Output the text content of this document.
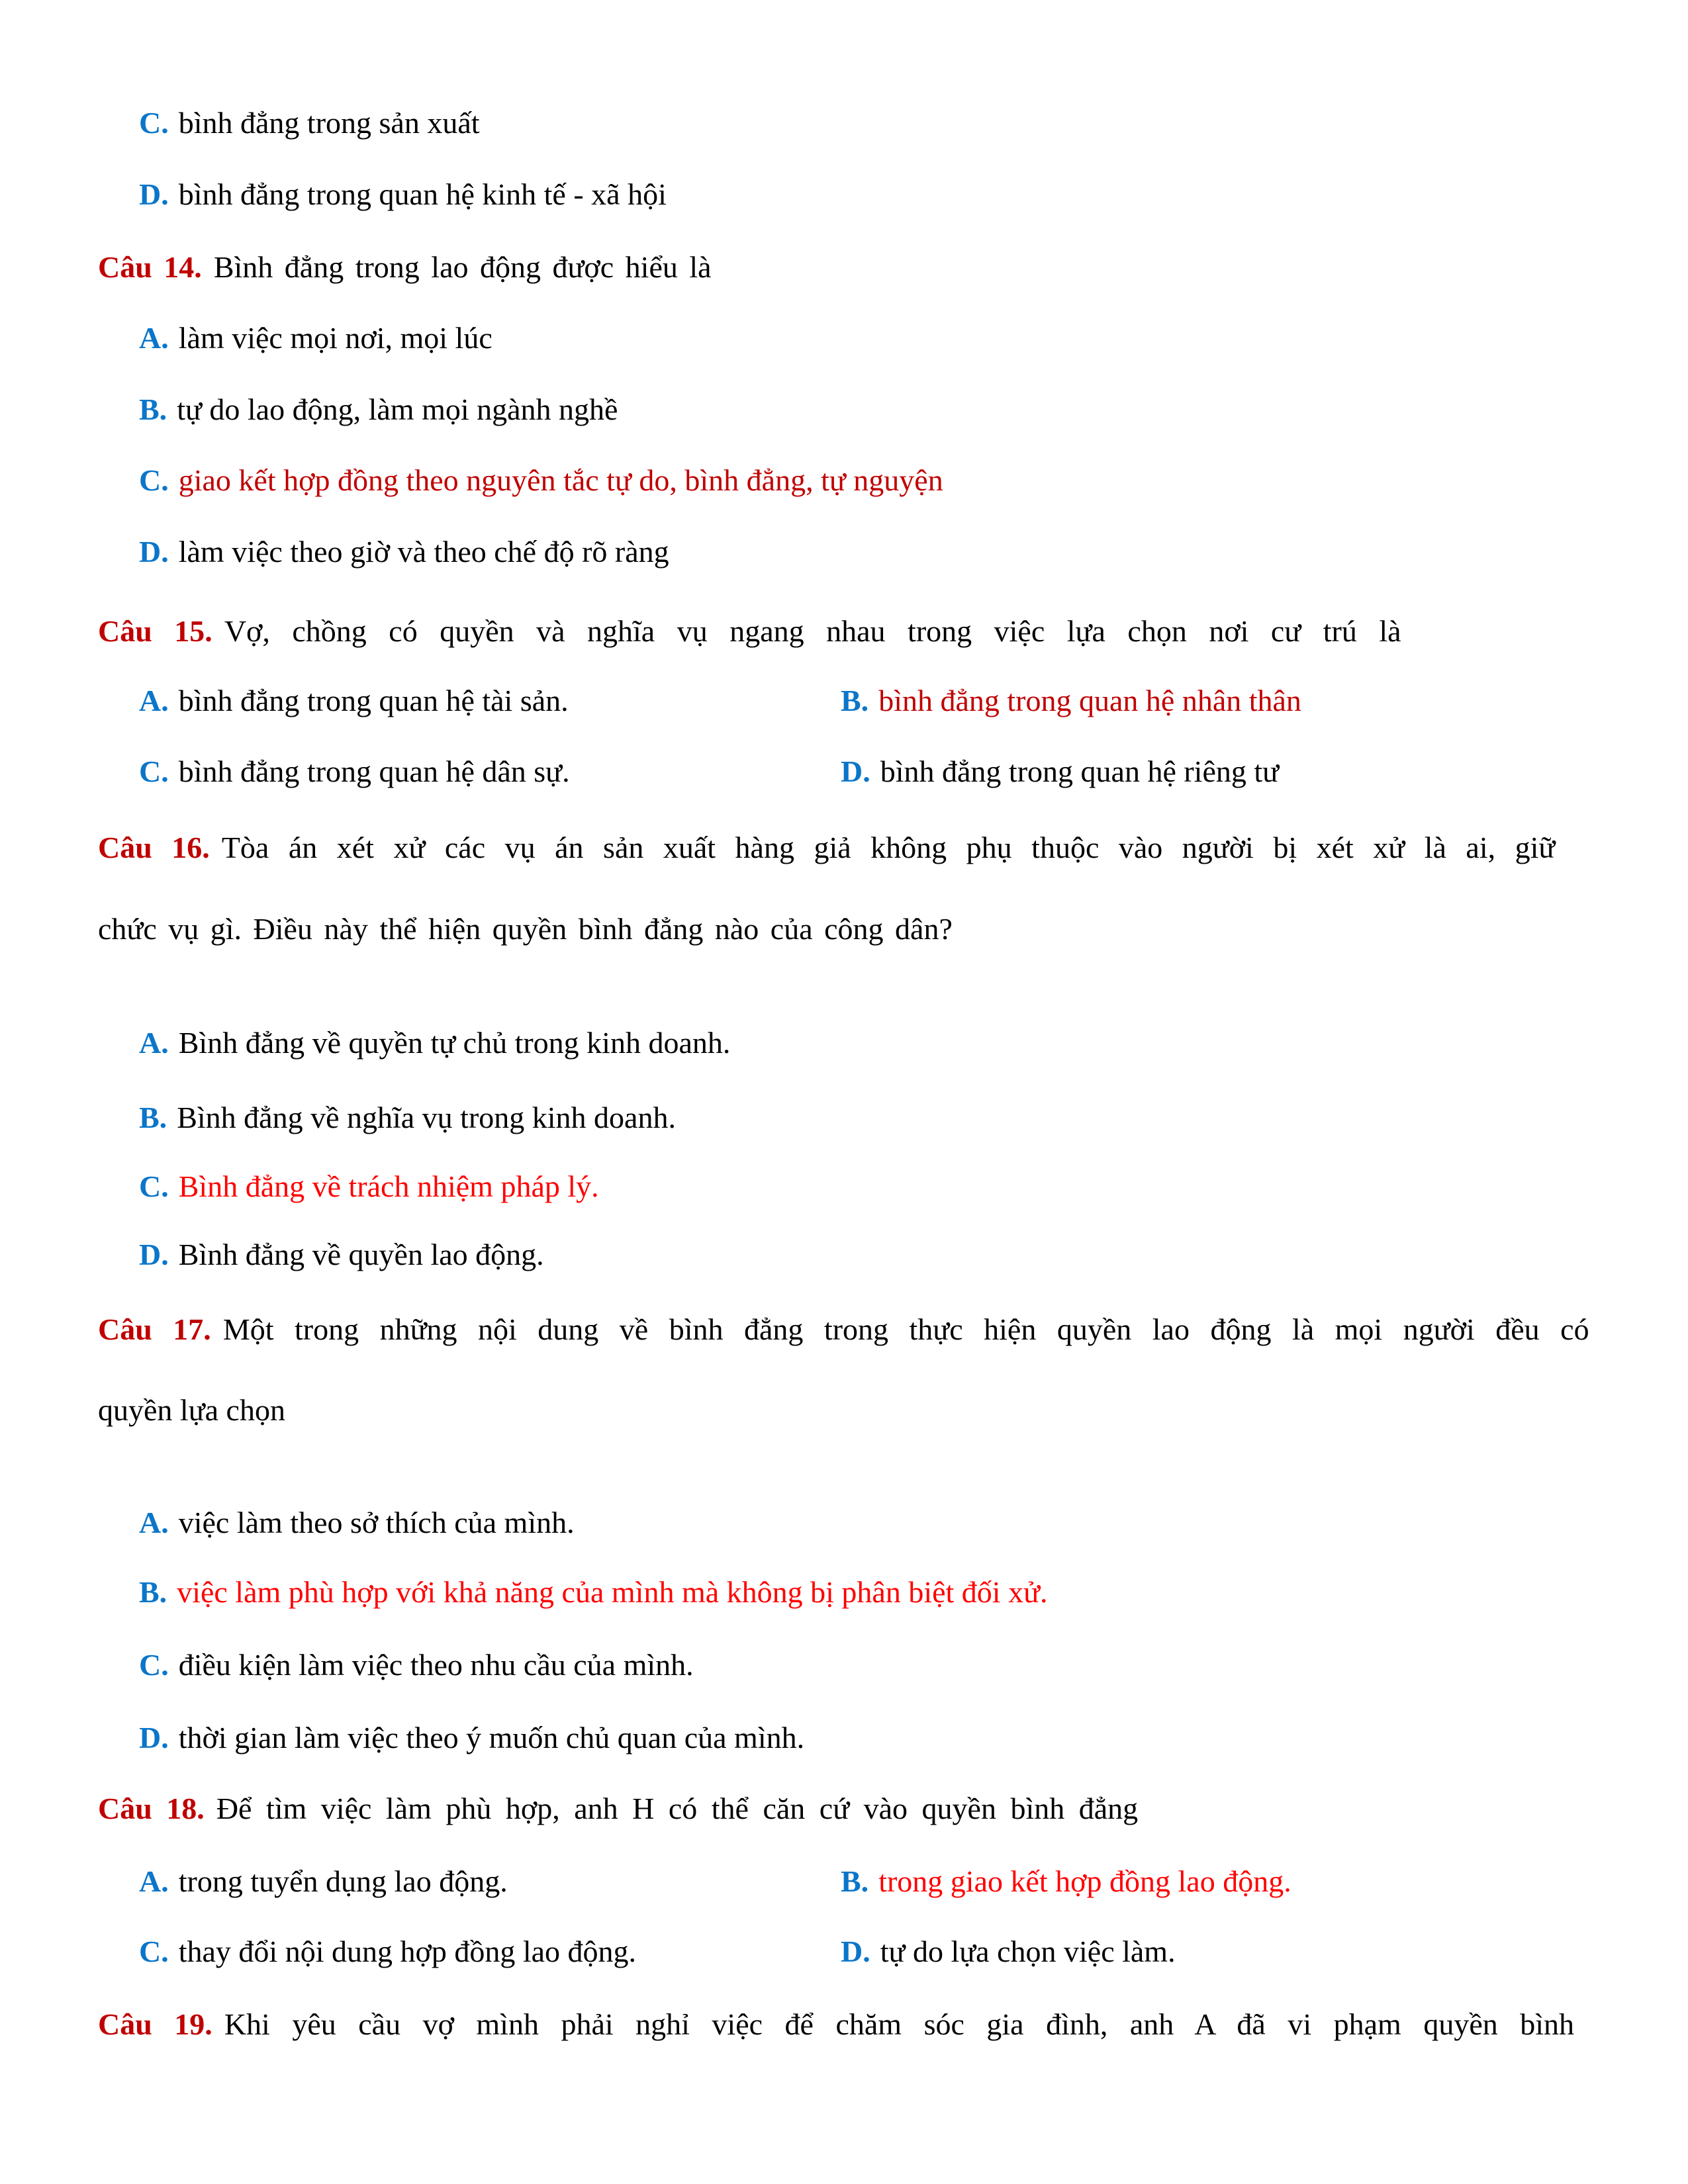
C. bình đẳng trong sản xuất
D. bình đẳng trong quan hệ kinh tế - xã hội
Câu 14. Bình đẳng trong lao động được hiểu là
A. làm việc mọi nơi, mọi lúc
B. tự do lao động, làm mọi ngành nghề
C. giao kết hợp đồng theo nguyên tắc tự do, bình đẳng, tự nguyện
D. làm việc theo giờ và theo chế độ rõ ràng
Câu 15. Vợ, chồng có quyền và nghĩa vụ ngang nhau trong việc lựa chọn nơi cư trú là
A. bình đẳng trong quan hệ tài sản.	B. bình đẳng trong quan hệ nhân thân
C. bình đẳng trong quan hệ dân sự.	D. bình đẳng trong quan hệ riêng tư
Câu 16. Tòa án xét xử các vụ án sản xuất hàng giả không phụ thuộc vào người bị xét xử là ai, giữ
chức vụ gì. Điều này thể hiện quyền bình đẳng nào của công dân?
A. Bình đẳng về quyền tự chủ trong kinh doanh.
B. Bình đẳng về nghĩa vụ trong kinh doanh.
C. Bình đẳng về trách nhiệm pháp lý.
D. Bình đẳng về quyền lao động.
Câu 17. Một trong những nội dung về bình đẳng trong thực hiện quyền lao động là mọi người đều có
quyền lựa chọn
A. việc làm theo sở thích của mình.
B. việc làm phù hợp với khả năng của mình mà không bị phân biệt đối xử.
C. điều kiện làm việc theo nhu cầu của mình.
D. thời gian làm việc theo ý muốn chủ quan của mình.
Câu 18. Để tìm việc làm phù hợp, anh H có thể căn cứ vào quyền bình đẳng
A. trong tuyển dụng lao động.	B. trong giao kết hợp đồng lao động.
C. thay đổi nội dung hợp đồng lao động.	D. tự do lựa chọn việc làm.
Câu 19. Khi yêu cầu vợ mình phải nghỉ việc để chăm sóc gia đình, anh A đã vi phạm quyền bình
